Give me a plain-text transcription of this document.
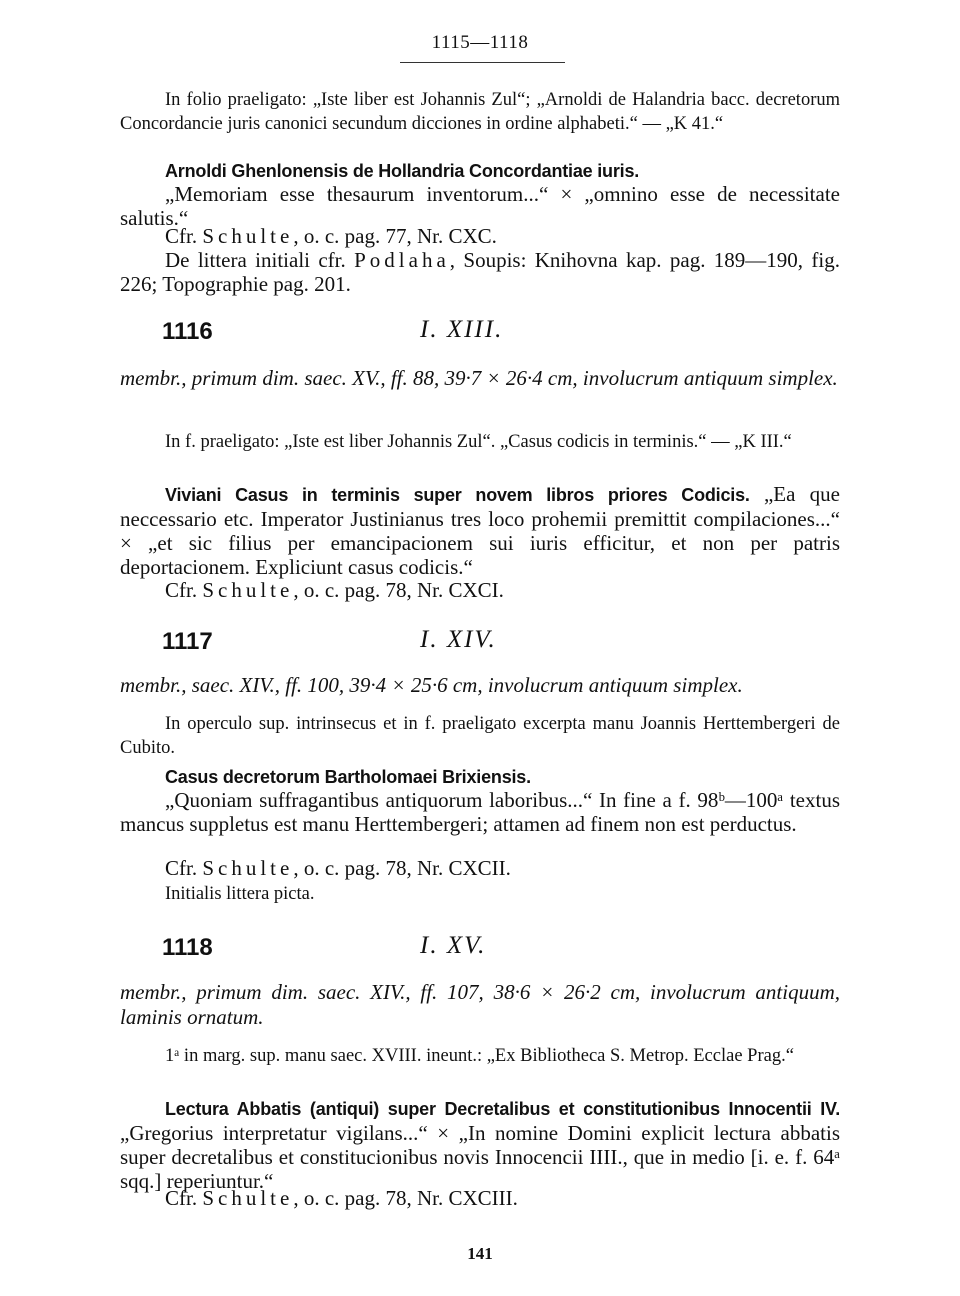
1115—1118
In folio praeligato: „Iste liber est Johannis Zul“; „Arnoldi de Halandria bacc. decretorum Concordancie juris canonici secundum dicciones in ordine alphabeti.“ — „K 41.“
Arnoldi Ghenlonensis de Hollandria Concordantiae iuris.
„Memoriam esse thesaurum inventorum...“ × „omnino esse de necessitate salutis.“
Cfr. Schulte, o. c. pag. 77, Nr. CXC.
De littera initiali cfr. Podlaha, Soupis: Knihovna kap. pag. 189—190, fig. 226; Topographie pag. 201.
1116	I. XIII.
membr., primum dim. saec. XV., ff. 88, 39·7 × 26·4 cm, involucrum antiquum simplex.
In f. praeligato: „Iste est liber Johannis Zul“. „Casus codicis in terminis.“ — „K III.“
Viviani Casus in terminis super novem libros priores Codicis. „Ea que neccessario etc. Imperator Justinianus tres loco prohemii premittit compilaciones...“ × „et sic filius per emancipacionem sui iuris efficitur, et non per patris deportacionem. Expliciunt casus codicis.“
Cfr. Schulte, o. c. pag. 78, Nr. CXCI.
1117	I. XIV.
membr., saec. XIV., ff. 100, 39·4 × 25·6 cm, involucrum antiquum simplex.
In operculo sup. intrinsecus et in f. praeligato excerpta manu Joannis Herttembergeri de Cubito.
Casus decretorum Bartholomaei Brixiensis.
„Quoniam suffragantibus antiquorum laboribus...“ In fine a f. 98ᵇ—100ᵃ textus mancus suppletus est manu Herttembergeri; attamen ad finem non est perductus.
Cfr. Schulte, o. c. pag. 78, Nr. CXCII.
Initialis littera picta.
1118	I. XV.
membr., primum dim. saec. XIV., ff. 107, 38·6 × 26·2 cm, involucrum antiquum, laminis ornatum.
1ᵃ in marg. sup. manu saec. XVIII. ineunt.: „Ex Bibliotheca S. Metrop. Ecclae Prag.“
Lectura Abbatis (antiqui) super Decretalibus et constitutionibus Innocentii IV. „Gregorius interpretatur vigilans...“ × „In nomine Domini explicit lectura abbatis super decretalibus et constitucionibus novis Innocencii IIII., que in medio [i. e. f. 64ᵃ sqq.] reperiuntur.“
Cfr. Schulte, o. c. pag. 78, Nr. CXCIII.
141
